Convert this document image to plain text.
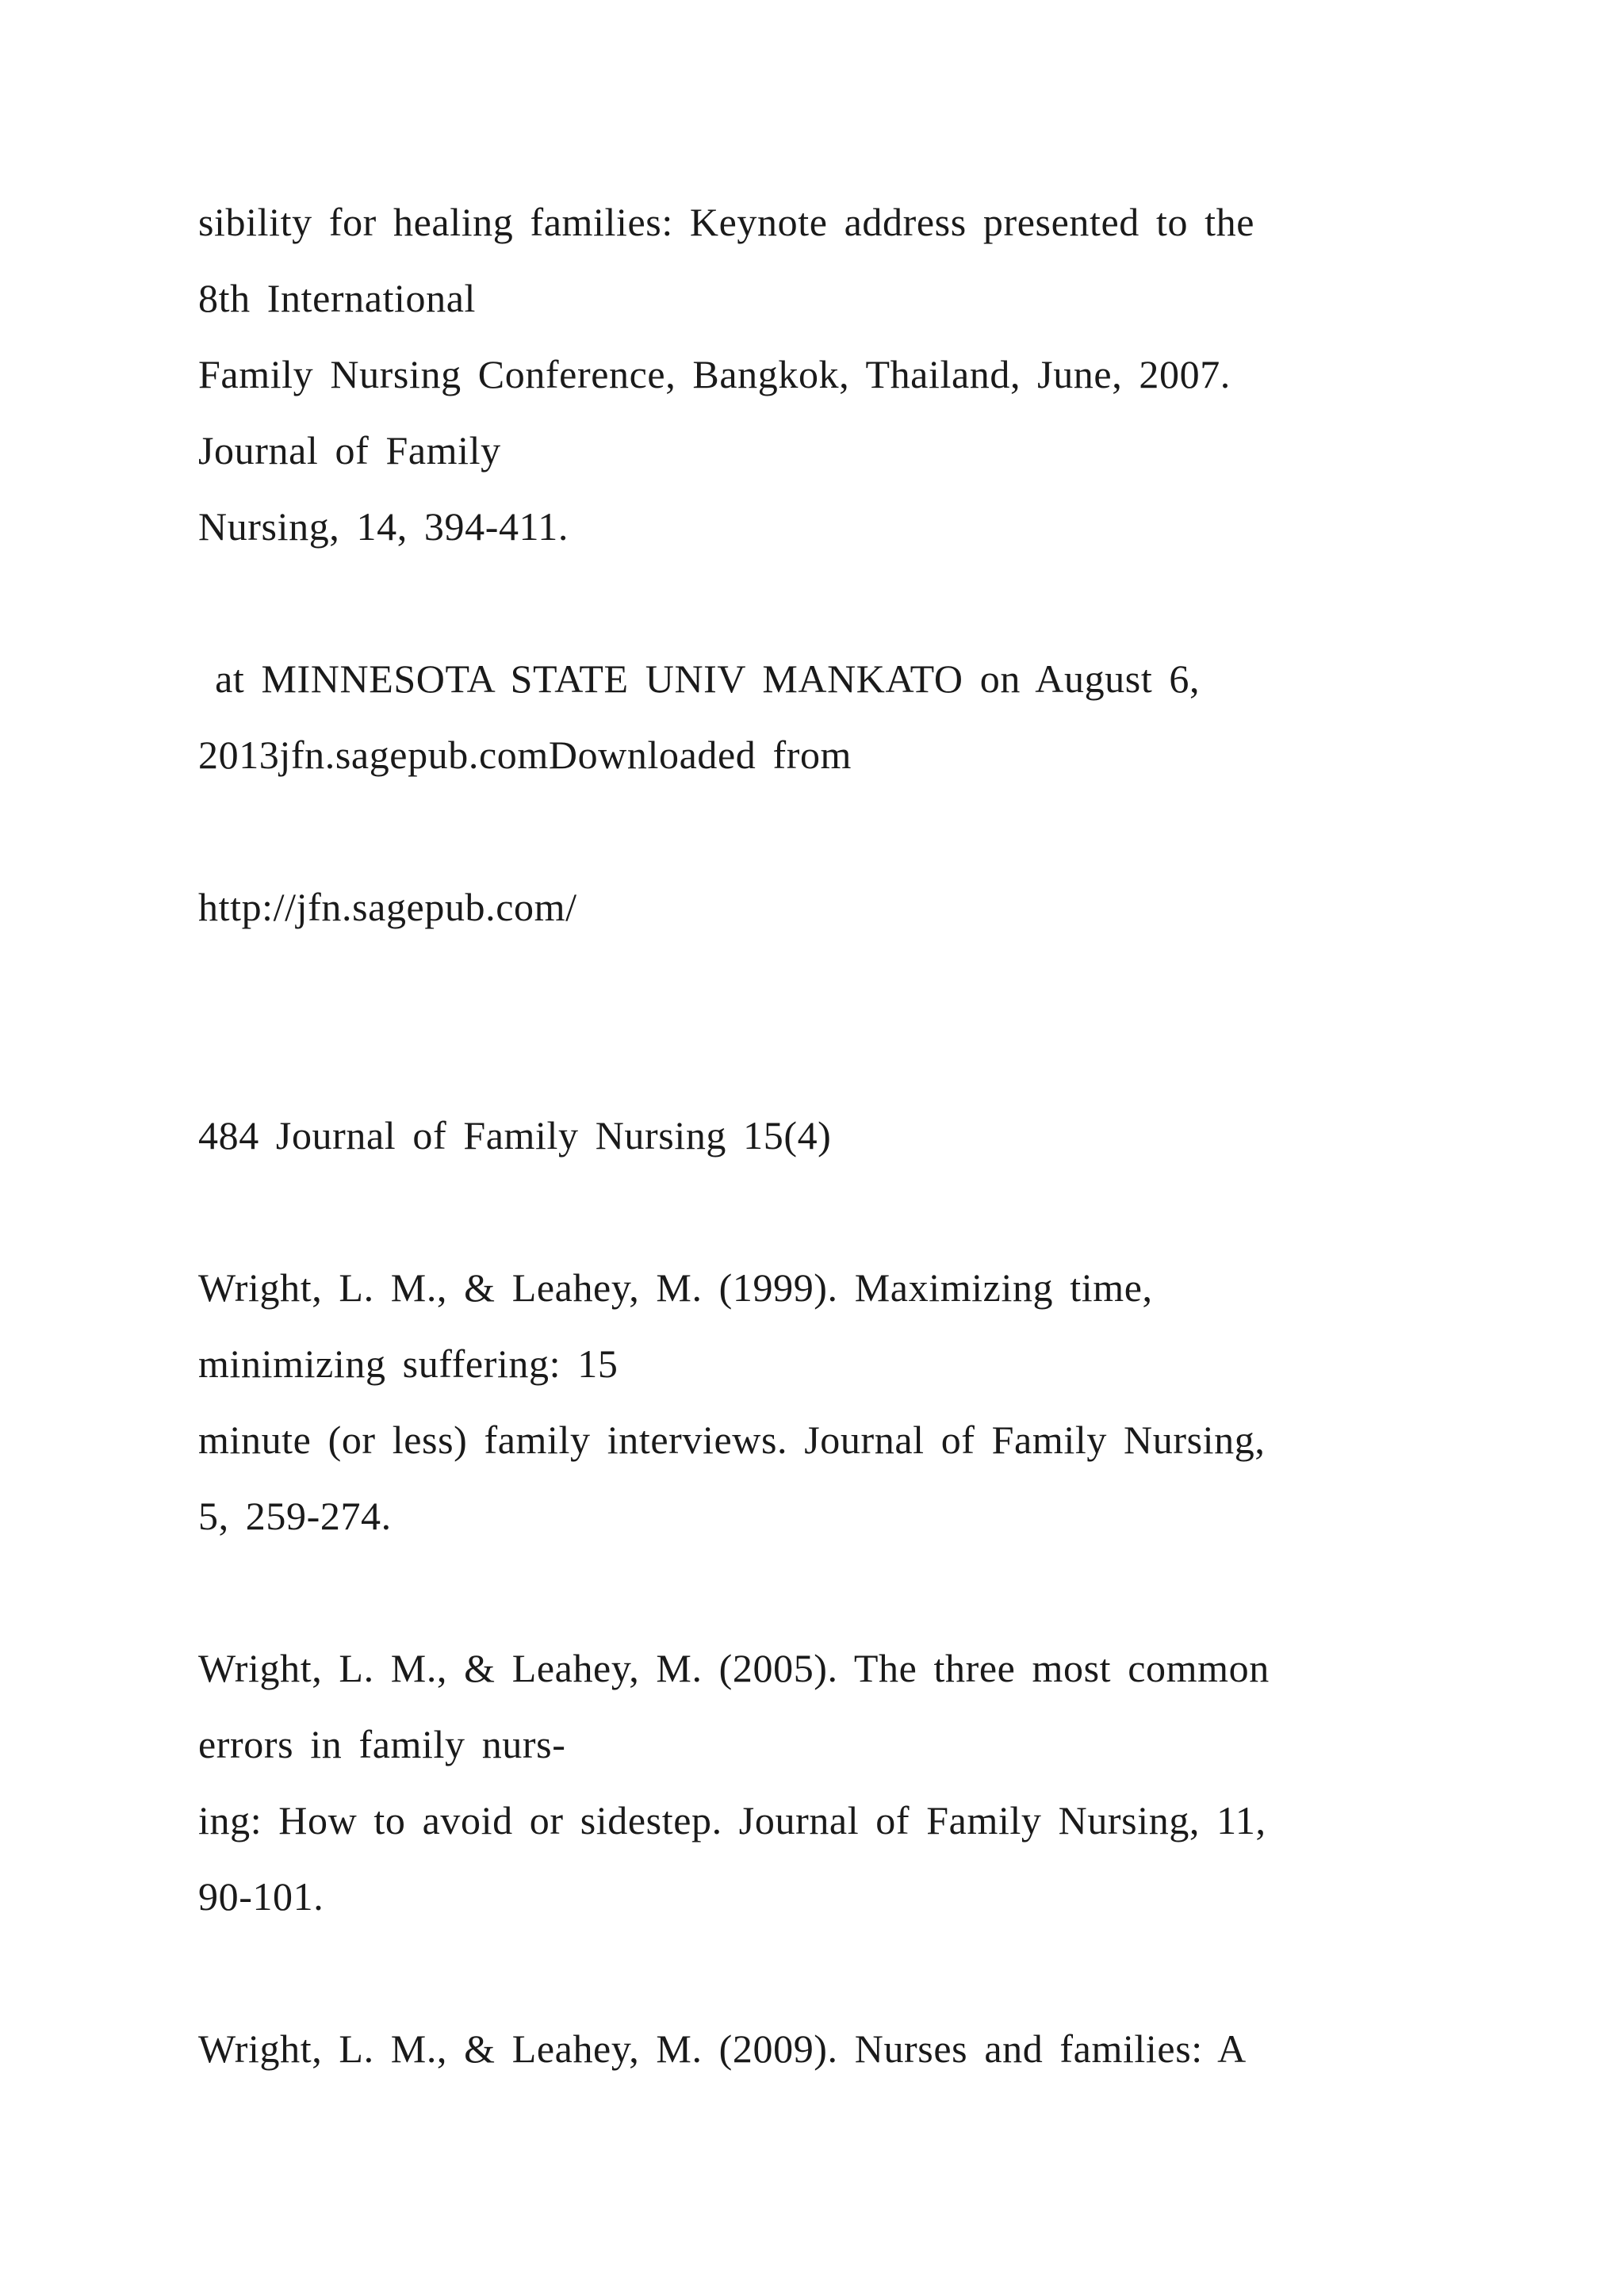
sibility for healing families: Keynote address presented to the

8th International

Family Nursing Conference, Bangkok, Thailand, June, 2007.

Journal of Family

Nursing, 14, 394-411.

at MINNESOTA STATE UNIV MANKATO on August 6,

2013jfn.sagepub.comDownloaded from

http://jfn.sagepub.com/

484 Journal of Family Nursing 15(4)

Wright, L. M., & Leahey, M. (1999). Maximizing time,

minimizing suffering: 15

minute (or less) family interviews. Journal of Family Nursing,

5, 259-274.

Wright, L. M., & Leahey, M. (2005). The three most common

errors in family nurs-

ing: How to avoid or sidestep. Journal of Family Nursing, 11,

90-101.

Wright, L. M., & Leahey, M. (2009). Nurses and families: A
